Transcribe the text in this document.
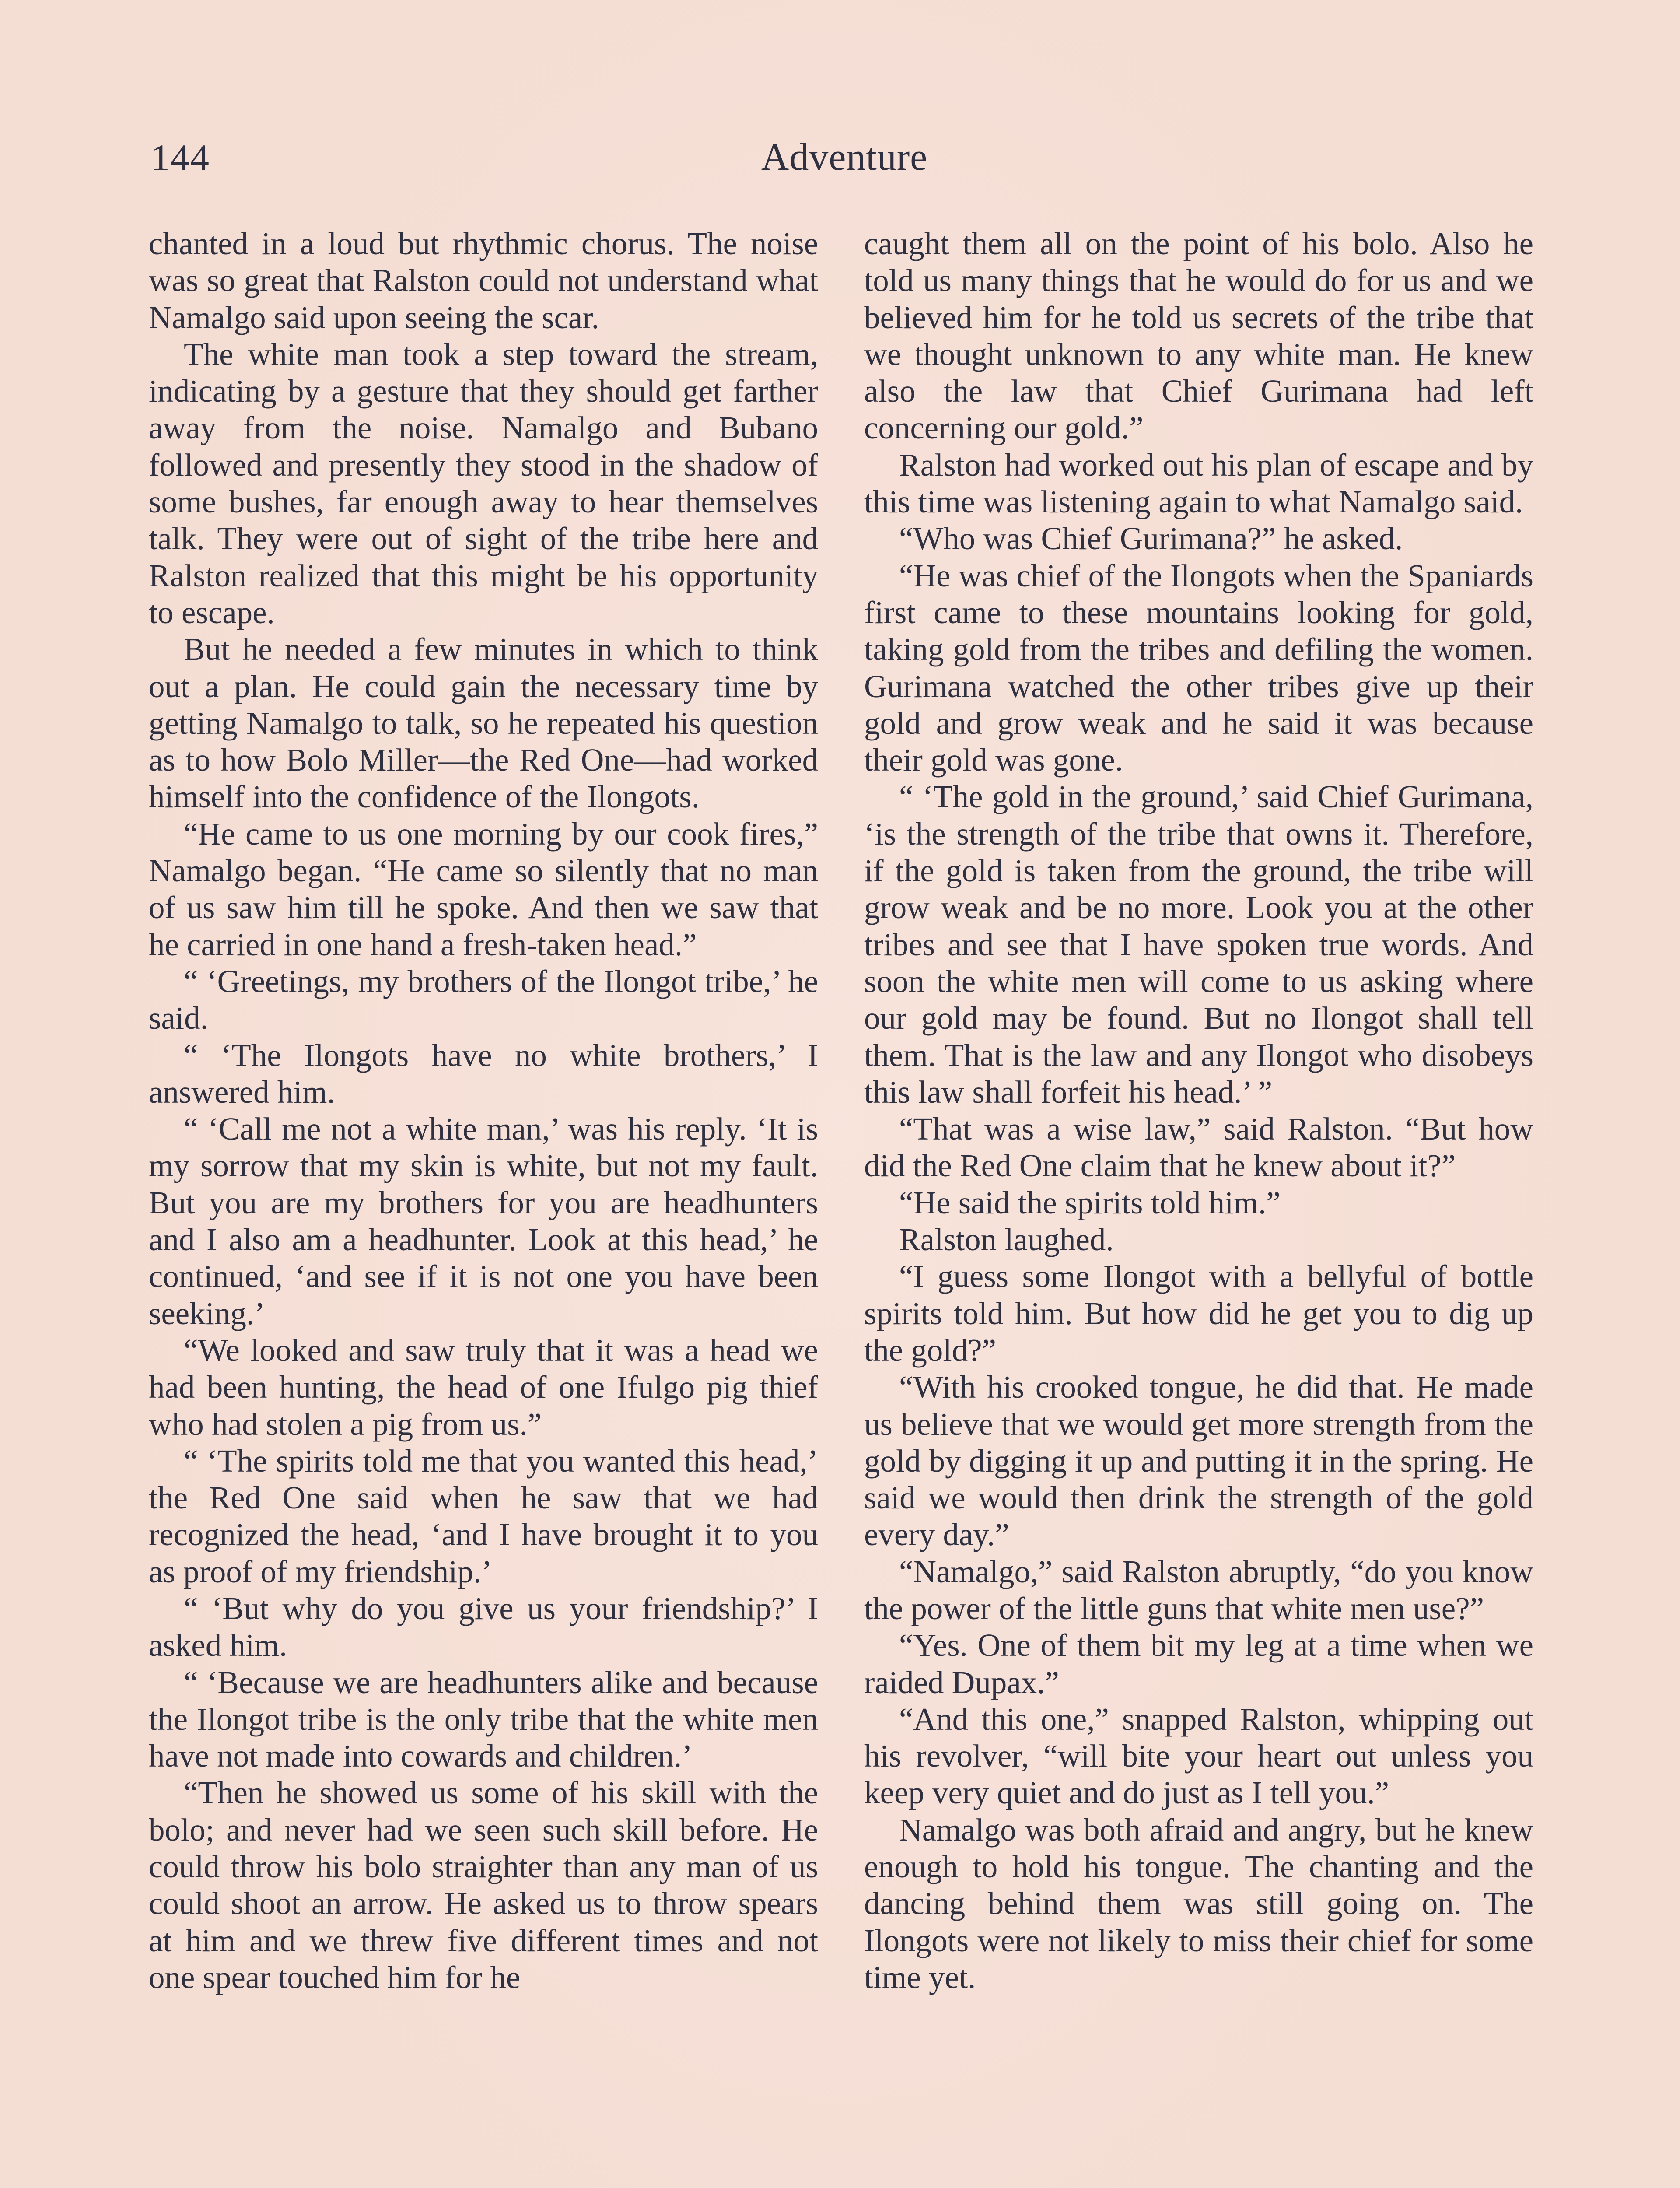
144	Adventure

chanted in a loud but rhythmic chorus. The noise was so great that Ralston could not understand what Namalgo said upon seeing the scar.

The white man took a step toward the stream, indicating by a gesture that they should get farther away from the noise. Namalgo and Bubano followed and presently they stood in the shadow of some bushes, far enough away to hear themselves talk. They were out of sight of the tribe here and Ralston realized that this might be his opportunity to escape.

But he needed a few minutes in which to think out a plan. He could gain the necessary time by getting Namalgo to talk, so he repeated his question as to how Bolo Miller—the Red One—had worked himself into the confidence of the Ilongots.

“He came to us one morning by our cook fires,” Namalgo began. “He came so silently that no man of us saw him till he spoke. And then we saw that he carried in one hand a fresh-taken head.”

“ ‘Greetings, my brothers of the Ilongot tribe,’ he said.

“ ‘The Ilongots have no white brothers,’ I answered him.

“ ‘Call me not a white man,’ was his reply. ‘It is my sorrow that my skin is white, but not my fault. But you are my brothers for you are headhunters and I also am a headhunter. Look at this head,’ he continued, ‘and see if it is not one you have been seeking.’

“We looked and saw truly that it was a head we had been hunting, the head of one Ifulgo pig thief who had stolen a pig from us.”

“ ‘The spirits told me that you wanted this head,’ the Red One said when he saw that we had recognized the head, ‘and I have brought it to you as proof of my friendship.’

“ ‘But why do you give us your friendship?’ I asked him.

“ ‘Because we are headhunters alike and because the Ilongot tribe is the only tribe that the white men have not made into cowards and children.’

“Then he showed us some of his skill with the bolo; and never had we seen such skill before. He could throw his bolo straighter than any man of us could shoot an arrow. He asked us to throw spears at him and we threw five different times and not one spear touched him for he

caught them all on the point of his bolo. Also he told us many things that he would do for us and we believed him for he told us secrets of the tribe that we thought unknown to any white man. He knew also the law that Chief Gurimana had left concerning our gold.”

Ralston had worked out his plan of escape and by this time was listening again to what Namalgo said.

“Who was Chief Gurimana?” he asked.

“He was chief of the Ilongots when the Spaniards first came to these mountains looking for gold, taking gold from the tribes and defiling the women. Gurimana watched the other tribes give up their gold and grow weak and he said it was because their gold was gone.

“ ‘The gold in the ground,’ said Chief Gurimana, ‘is the strength of the tribe that owns it. Therefore, if the gold is taken from the ground, the tribe will grow weak and be no more. Look you at the other tribes and see that I have spoken true words. And soon the white men will come to us asking where our gold may be found. But no Ilongot shall tell them. That is the law and any Ilongot who disobeys this law shall forfeit his head.’ ”

“That was a wise law,” said Ralston. “But how did the Red One claim that he knew about it?”

“He said the spirits told him.”

Ralston laughed.

“I guess some Ilongot with a bellyful of bottle spirits told him. But how did he get you to dig up the gold?”

“With his crooked tongue, he did that. He made us believe that we would get more strength from the gold by digging it up and putting it in the spring. He said we would then drink the strength of the gold every day.”

“Namalgo,” said Ralston abruptly, “do you know the power of the little guns that white men use?”

“Yes. One of them bit my leg at a time when we raided Dupax.”

“And this one,” snapped Ralston, whipping out his revolver, “will bite your heart out unless you keep very quiet and do just as I tell you.”

Namalgo was both afraid and angry, but he knew enough to hold his tongue. The chanting and the dancing behind them was still going on. The Ilongots were not likely to miss their chief for some time yet.
